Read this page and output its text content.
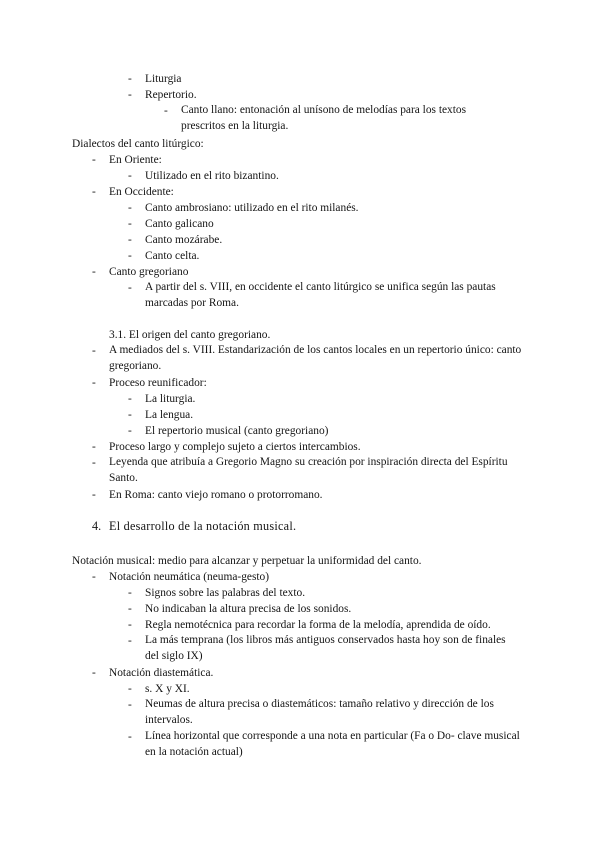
- Liturgia
- Repertorio.
- Canto llano: entonación al unísono de melodías para los textos prescritos en la liturgia.
Dialectos del canto litúrgico:
- En Oriente:
- Utilizado en el rito bizantino.
- En Occidente:
- Canto ambrosiano: utilizado en el rito milanés.
- Canto galicano
- Canto mozárabe.
- Canto celta.
- Canto gregoriano
- A partir del s. VIII, en occidente el canto litúrgico se unifica según las pautas marcadas por Roma.
3.1. El origen del canto gregoriano.
- A mediados del s. VIII. Estandarización de los cantos locales en un repertorio único: canto gregoriano.
- Proceso reunificador:
- La liturgia.
- La lengua.
- El repertorio musical (canto gregoriano)
- Proceso largo y complejo sujeto a ciertos intercambios.
- Leyenda que atribuía a Gregorio Magno su creación por inspiración directa del Espíritu Santo.
- En Roma: canto viejo romano o protorromano.
4. El desarrollo de la notación musical.
Notación musical: medio para alcanzar y perpetuar la uniformidad del canto.
- Notación neumática (neuma-gesto)
- Signos sobre las palabras del texto.
- No indicaban la altura precisa de los sonidos.
- Regla nemotécnica para recordar la forma de la melodía, aprendida de oído.
- La más temprana (los libros más antiguos conservados hasta hoy son de finales del siglo IX)
- Notación diastemática.
- s. X y XI.
- Neumas de altura precisa o diastemáticos: tamaño relativo y dirección de los intervalos.
- Línea horizontal que corresponde a una nota en particular (Fa o Do- clave musical en la notación actual)
